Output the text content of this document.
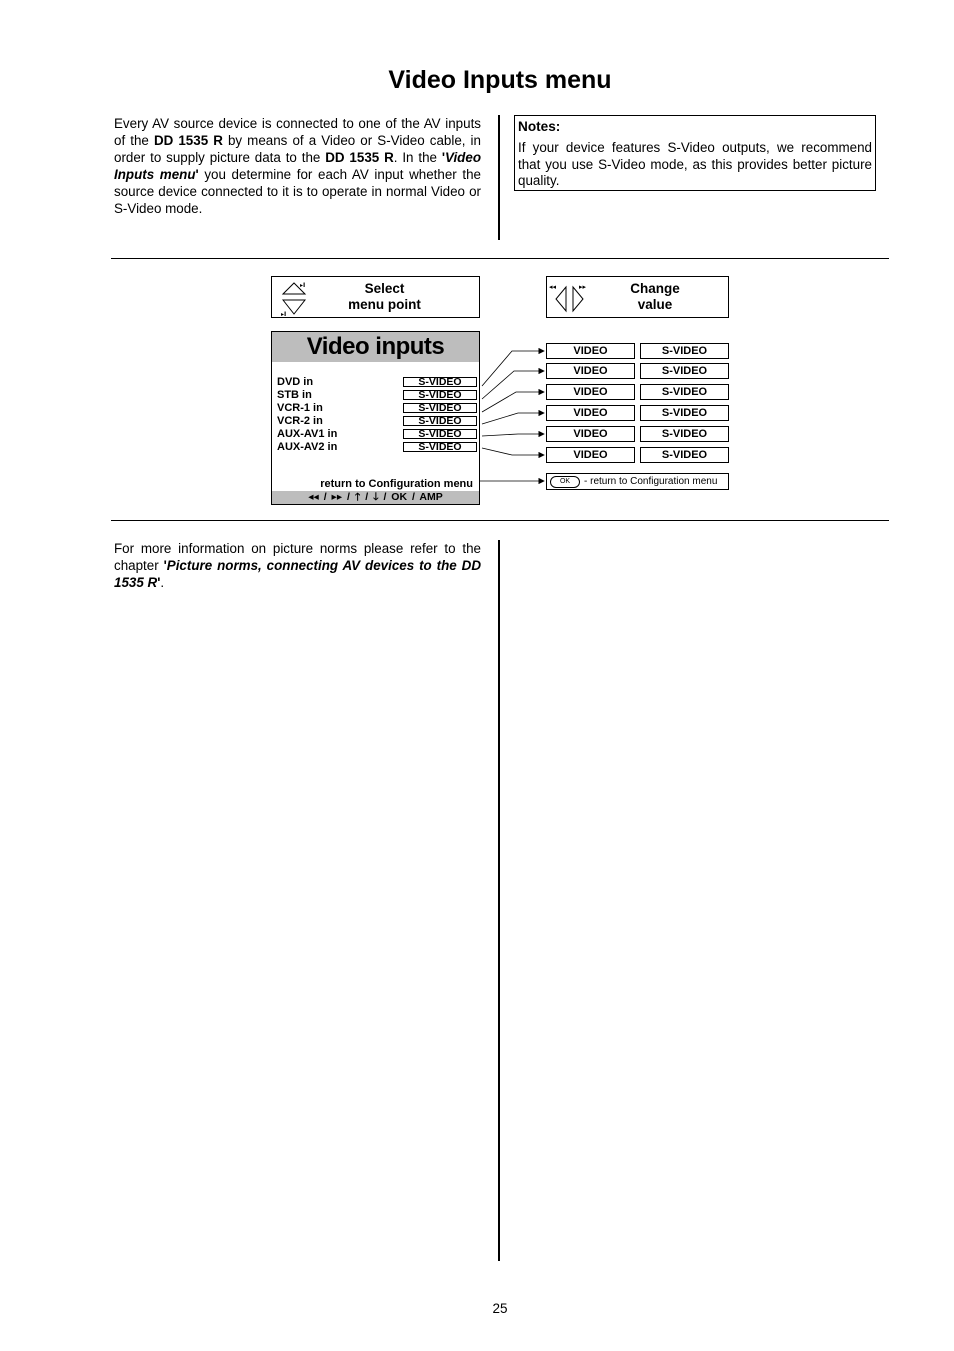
Video Inputs menu
Every AV source device is connected to one of the AV inputs of the DD 1535 R by means of a Video or S-Video cable, in order to supply picture data to the DD 1535 R. In the 'Video Inputs menu' you determine for each AV input whether the source device connected to it is to operate in normal Video or S-Video mode.
Notes:
If your device features S-Video outputs, we recommend that you use S-Video mode, as this provides better picture quality.
▸I
▸I
Select
menu point
◂◂	▸▸	Change
value
Video inputs
DVD in	S-VIDEO
STB in	S-VIDEO
VCR-1 in	S-VIDEO
VCR-2 in	S-VIDEO
AUX-AV1 in	S-VIDEO
AUX-AV2 in	S-VIDEO
return to Configuration menu
◂◂ / ▸▸ / 🡑 / 🡓 / OK / AMP
VIDEO	S-VIDEO
VIDEO	S-VIDEO
VIDEO	S-VIDEO
VIDEO	S-VIDEO
VIDEO	S-VIDEO
VIDEO	S-VIDEO
OK	- return to Configuration menu
For more information on picture norms please refer to the chapter 'Picture norms, connecting AV devices to the DD 1535 R'.
25
